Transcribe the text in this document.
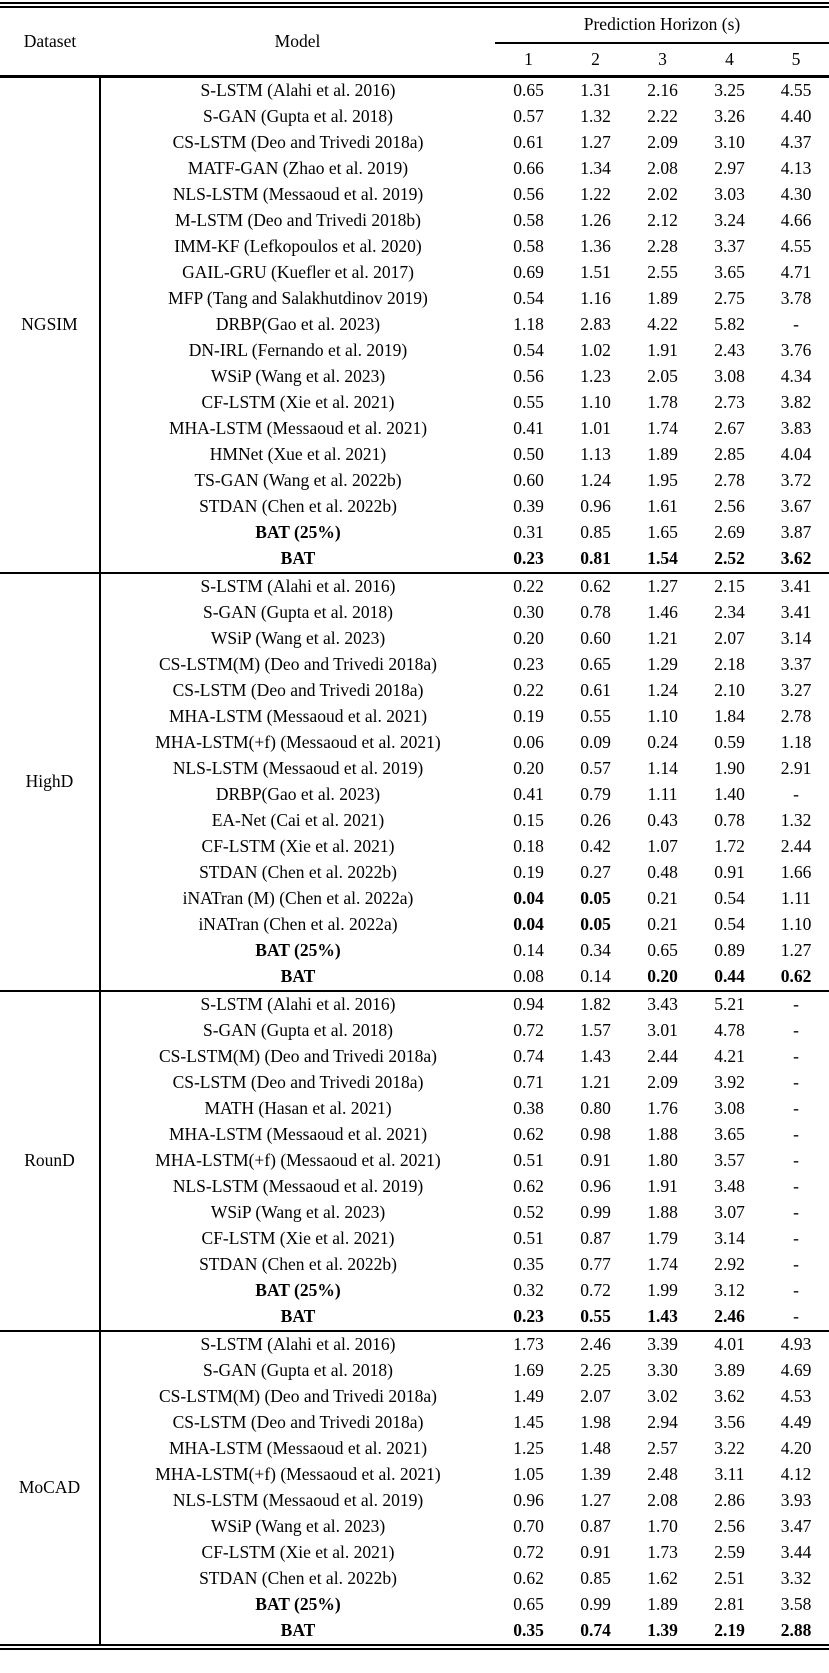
Dataset	Model	Prediction Horizon (s)				
		1	2	3	4	5
NGSIM	S-LSTM (Alahi et al. 2016)	0.65	1.31	2.16	3.25	4.55
	S-GAN (Gupta et al. 2018)	0.57	1.32	2.22	3.26	4.40
	CS-LSTM (Deo and Trivedi 2018a)	0.61	1.27	2.09	3.10	4.37
	MATF-GAN (Zhao et al. 2019)	0.66	1.34	2.08	2.97	4.13
	NLS-LSTM (Messaoud et al. 2019)	0.56	1.22	2.02	3.03	4.30
	M-LSTM (Deo and Trivedi 2018b)	0.58	1.26	2.12	3.24	4.66
	IMM-KF (Lefkopoulos et al. 2020)	0.58	1.36	2.28	3.37	4.55
	GAIL-GRU (Kuefler et al. 2017)	0.69	1.51	2.55	3.65	4.71
	MFP (Tang and Salakhutdinov 2019)	0.54	1.16	1.89	2.75	3.78
	DRBP(Gao et al. 2023)	1.18	2.83	4.22	5.82	-
	DN-IRL (Fernando et al. 2019)	0.54	1.02	1.91	2.43	3.76
	WSiP (Wang et al. 2023)	0.56	1.23	2.05	3.08	4.34
	CF-LSTM (Xie et al. 2021)	0.55	1.10	1.78	2.73	3.82
	MHA-LSTM (Messaoud et al. 2021)	0.41	1.01	1.74	2.67	3.83
	HMNet (Xue et al. 2021)	0.50	1.13	1.89	2.85	4.04
	TS-GAN (Wang et al. 2022b)	0.60	1.24	1.95	2.78	3.72
	STDAN (Chen et al. 2022b)	0.39	0.96	1.61	2.56	3.67
	BAT (25%)	0.31	0.85	1.65	2.69	3.87
	BAT	0.23	0.81	1.54	2.52	3.62
HighD	S-LSTM (Alahi et al. 2016)	0.22	0.62	1.27	2.15	3.41
	S-GAN (Gupta et al. 2018)	0.30	0.78	1.46	2.34	3.41
	WSiP (Wang et al. 2023)	0.20	0.60	1.21	2.07	3.14
	CS-LSTM(M) (Deo and Trivedi 2018a)	0.23	0.65	1.29	2.18	3.37
	CS-LSTM (Deo and Trivedi 2018a)	0.22	0.61	1.24	2.10	3.27
	MHA-LSTM (Messaoud et al. 2021)	0.19	0.55	1.10	1.84	2.78
	MHA-LSTM(+f) (Messaoud et al. 2021)	0.06	0.09	0.24	0.59	1.18
	NLS-LSTM (Messaoud et al. 2019)	0.20	0.57	1.14	1.90	2.91
	DRBP(Gao et al. 2023)	0.41	0.79	1.11	1.40	-
	EA-Net (Cai et al. 2021)	0.15	0.26	0.43	0.78	1.32
	CF-LSTM (Xie et al. 2021)	0.18	0.42	1.07	1.72	2.44
	STDAN (Chen et al. 2022b)	0.19	0.27	0.48	0.91	1.66
	iNATran (M) (Chen et al. 2022a)	0.04	0.05	0.21	0.54	1.11
	iNATran (Chen et al. 2022a)	0.04	0.05	0.21	0.54	1.10
	BAT (25%)	0.14	0.34	0.65	0.89	1.27
	BAT	0.08	0.14	0.20	0.44	0.62
RounD	S-LSTM (Alahi et al. 2016)	0.94	1.82	3.43	5.21	-
	S-GAN (Gupta et al. 2018)	0.72	1.57	3.01	4.78	-
	CS-LSTM(M) (Deo and Trivedi 2018a)	0.74	1.43	2.44	4.21	-
	CS-LSTM (Deo and Trivedi 2018a)	0.71	1.21	2.09	3.92	-
	MATH (Hasan et al. 2021)	0.38	0.80	1.76	3.08	-
	MHA-LSTM (Messaoud et al. 2021)	0.62	0.98	1.88	3.65	-
	MHA-LSTM(+f) (Messaoud et al. 2021)	0.51	0.91	1.80	3.57	-
	NLS-LSTM (Messaoud et al. 2019)	0.62	0.96	1.91	3.48	-
	WSiP (Wang et al. 2023)	0.52	0.99	1.88	3.07	-
	CF-LSTM (Xie et al. 2021)	0.51	0.87	1.79	3.14	-
	STDAN (Chen et al. 2022b)	0.35	0.77	1.74	2.92	-
	BAT (25%)	0.32	0.72	1.99	3.12	-
	BAT	0.23	0.55	1.43	2.46	-
MoCAD	S-LSTM (Alahi et al. 2016)	1.73	2.46	3.39	4.01	4.93
	S-GAN (Gupta et al. 2018)	1.69	2.25	3.30	3.89	4.69
	CS-LSTM(M) (Deo and Trivedi 2018a)	1.49	2.07	3.02	3.62	4.53
	CS-LSTM (Deo and Trivedi 2018a)	1.45	1.98	2.94	3.56	4.49
	MHA-LSTM (Messaoud et al. 2021)	1.25	1.48	2.57	3.22	4.20
	MHA-LSTM(+f) (Messaoud et al. 2021)	1.05	1.39	2.48	3.11	4.12
	NLS-LSTM (Messaoud et al. 2019)	0.96	1.27	2.08	2.86	3.93
	WSiP (Wang et al. 2023)	0.70	0.87	1.70	2.56	3.47
	CF-LSTM (Xie et al. 2021)	0.72	0.91	1.73	2.59	3.44
	STDAN (Chen et al. 2022b)	0.62	0.85	1.62	2.51	3.32
	BAT (25%)	0.65	0.99	1.89	2.81	3.58
	BAT	0.35	0.74	1.39	2.19	2.88
